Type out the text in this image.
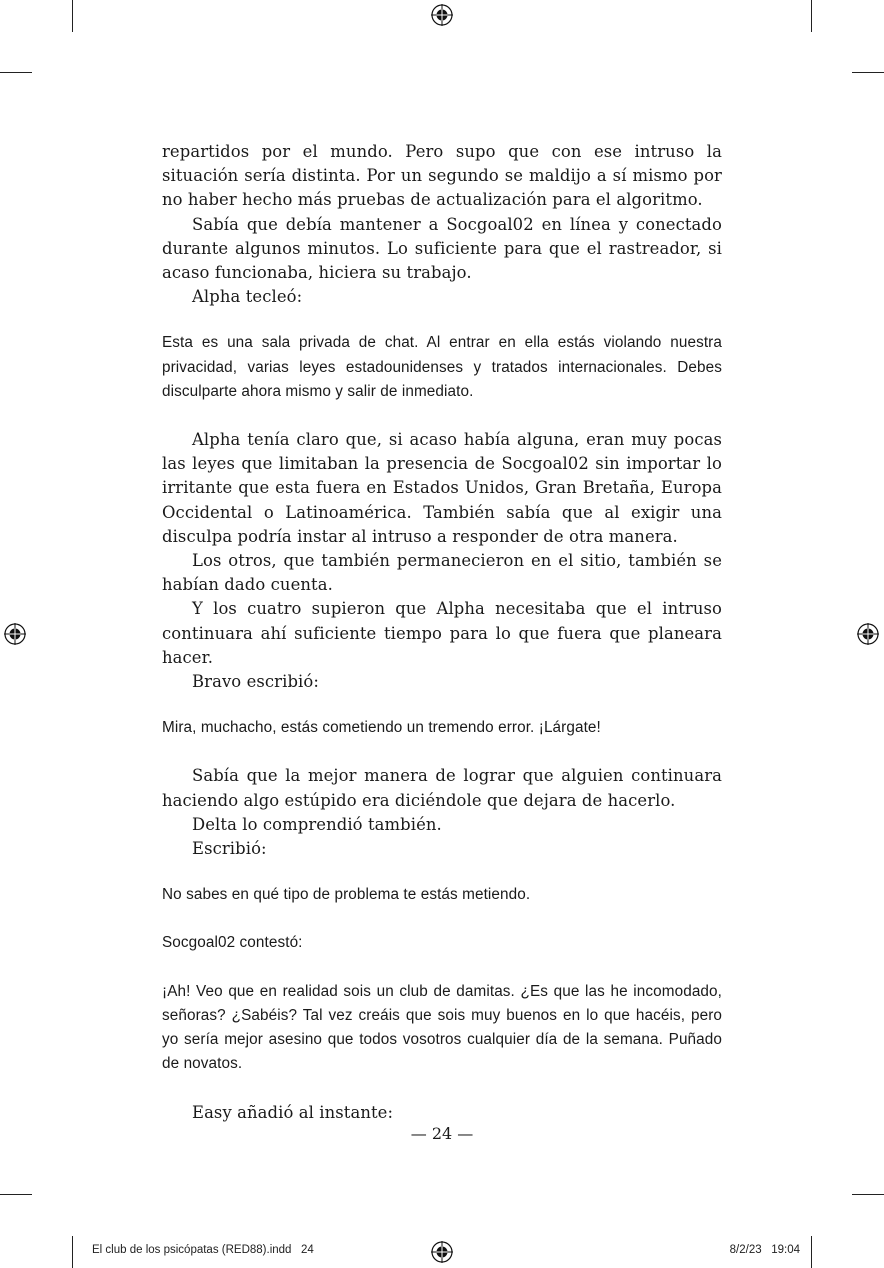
repartidos por el mundo. Pero supo que con ese intruso la situación sería distinta. Por un segundo se maldijo a sí mismo por no haber hecho más pruebas de actualización para el algoritmo.

Sabía que debía mantener a Socgoal02 en línea y conectado durante algunos minutos. Lo suficiente para que el rastreador, si acaso funcionaba, hiciera su trabajo.

Alpha tecleó:

Esta es una sala privada de chat. Al entrar en ella estás violando nuestra privacidad, varias leyes estadounidenses y tratados internacionales. Debes disculparte ahora mismo y salir de inmediato.

Alpha tenía claro que, si acaso había alguna, eran muy pocas las leyes que limitaban la presencia de Socgoal02 sin importar lo irritante que esta fuera en Estados Unidos, Gran Bretaña, Europa Occidental o Latinoamérica. También sabía que al exigir una disculpa podría instar al intruso a responder de otra manera.

Los otros, que también permanecieron en el sitio, también se habían dado cuenta.

Y los cuatro supieron que Alpha necesitaba que el intruso continuara ahí suficiente tiempo para lo que fuera que planeara hacer.

Bravo escribió:

Mira, muchacho, estás cometiendo un tremendo error. ¡Lárgate!

Sabía que la mejor manera de lograr que alguien continuara haciendo algo estúpido era diciéndole que dejara de hacerlo.

Delta lo comprendió también.

Escribió:

No sabes en qué tipo de problema te estás metiendo.

Socgoal02 contestó:

¡Ah! Veo que en realidad sois un club de damitas. ¿Es que las he incomodado, señoras? ¿Sabéis? Tal vez creáis que sois muy buenos en lo que hacéis, pero yo sería mejor asesino que todos vosotros cualquier día de la semana. Puñado de novatos.

Easy añadió al instante:

— 24 —
El club de los psicópatas (RED88).indd   24	8/2/23   19:04
